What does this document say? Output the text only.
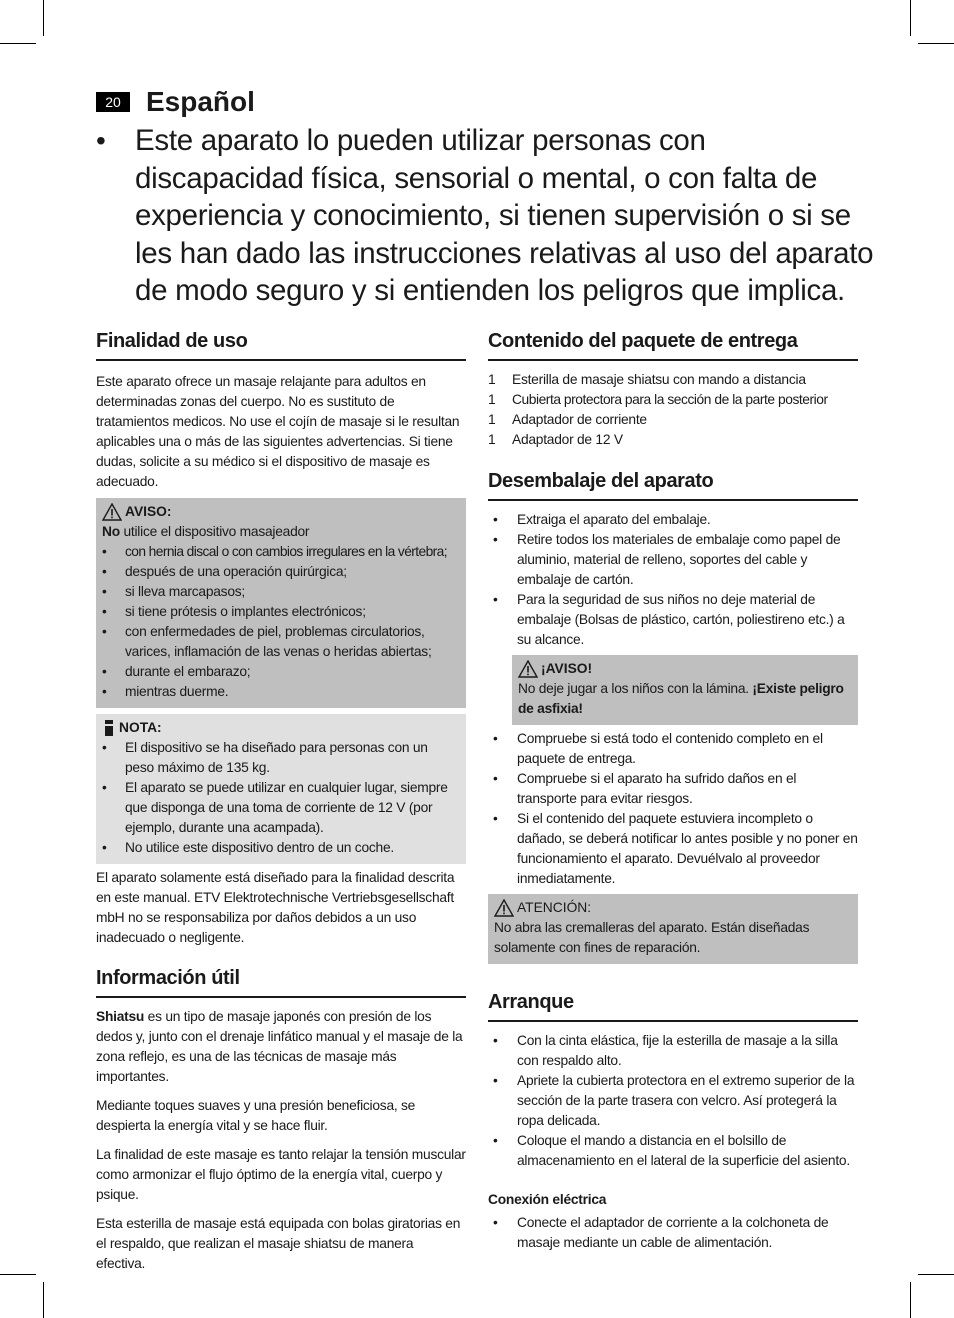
20 Español
• Este aparato lo pueden utilizar personas con discapacidad física, sensorial o mental, o con falta de experiencia y conocimiento, si tienen supervisión o si se les han dado las instrucciones relativas al uso del aparato de modo seguro y si entienden los peligros que implica.
Finalidad de uso

Este aparato ofrece un masaje relajante para adultos en determinadas zonas del cuerpo. No es sustituto de tratamientos medicos. No use el cojín de masaje si le resultan aplicables una o más de las siguientes advertencias. Si tiene dudas, solicite a su médico si el dispositivo de masaje es adecuado.

AVISO:

No utilice el dispositivo masajeador

• con hernia discal o con cambios irregulares en la vértebra;
• después de una operación quirúrgica;
• si lleva marcapasos;
• si tiene prótesis o implantes electrónicos;
• con enfermedades de piel, problemas circulatorios, varices, inflamación de las venas o heridas abiertas;
• durante el embarazo;
• mientras duerme.
NOTA:
• El dispositivo se ha diseñado para personas con un peso máximo de 135 kg.
• El aparato se puede utilizar en cualquier lugar, siempre que disponga de una toma de corriente de 12 V (por ejemplo, durante una acampada).
• No utilice este dispositivo dentro de un coche.

El aparato solamente está diseñado para la finalidad descrita en este manual. ETV Elektrotechnische Vertriebsgesellschaft mbH no se responsabiliza por daños debidos a un uso inadecuado o negligente.

Información útil

Shiatsu es un tipo de masaje japonés con presión de los dedos y, junto con el drenaje linfático manual y el masaje de la zona reflejo, es una de las técnicas de masaje más importantes.

Mediante toques suaves y una presión beneficiosa, se despierta la energía vital y se hace fluir.

La finalidad de este masaje es tanto relajar la tensión muscular como armonizar el flujo óptimo de la energía vital, cuerpo y psique.

Esta esterilla de masaje está equipada con bolas giratorias en el respaldo, que realizan el masaje shiatsu de manera efectiva.

Contenido del paquete de entrega
1 Esterilla de masaje shiatsu con mando a distancia
1 Cubierta protectora para la sección de la parte posterior
1 Adaptador de corriente
1 Adaptador de 12 V
Desembalaje del aparato
• Extraiga el aparato del embalaje.
• Retire todos los materiales de embalaje como papel de aluminio, material de relleno, soportes del cable y embalaje de cartón.
• Para la seguridad de sus niños no deje material de embalaje (Bolsas de plástico, cartón, poliestireno etc.) a su alcance.
¡AVISO!

No deje jugar a los niños con la lámina. ¡Existe peligro de asfixia!

• Compruebe si está todo el contenido completo en el paquete de entrega.
• Compruebe si el aparato ha sufrido daños en el transporte para evitar riesgos.
• Si el contenido del paquete estuviera incompleto o dañado, se deberá notificar lo antes posible y no poner en funcionamiento el aparato. Devuélvalo al proveedor inmediatamente.
ATENCIÓN:

No abra las cremalleras del aparato. Están diseñadas solamente con fines de reparación.

Arranque
• Con la cinta elástica, fije la esterilla de masaje a la silla con respaldo alto.
• Apriete la cubierta protectora en el extremo superior de la sección de la parte trasera con velcro. Así protegerá la ropa delicada.
• Coloque el mando a distancia en el bolsillo de almacenamiento en el lateral de la superficie del asiento.

Conexión eléctrica

• Conecte el adaptador de corriente a la colchoneta de masaje mediante un cable de alimentación.
